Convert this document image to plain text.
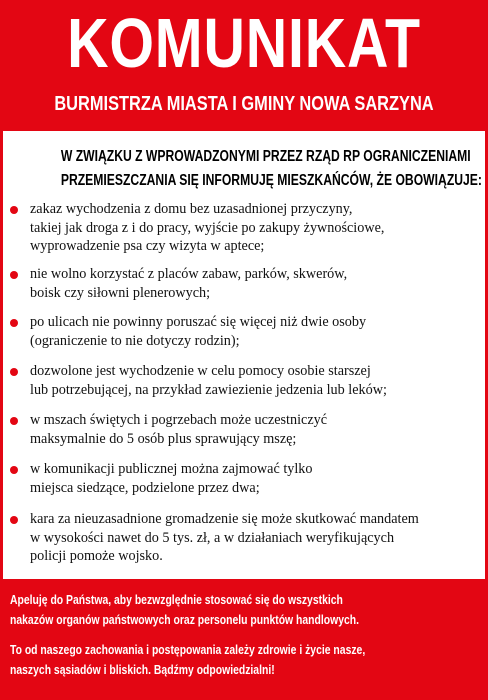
KOMUNIKAT
BURMISTRZA MIASTA I GMINY NOWA SARZYNA
W ZWIĄZKU Z WPROWADZONYMI PRZEZ RZĄD RP OGRANICZENIAMI
PRZEMIESZCZANIA SIĘ INFORMUJĘ MIESZKAŃCÓW, ŻE OBOWIĄZUJE:

zakaz wychodzenia z domu bez uzasadnionej przyczyny,
takiej jak droga z i do pracy, wyjście po zakupy żywnościowe,
wyprowadzenie psa czy wizyta w aptece;

nie wolno korzystać z placów zabaw, parków, skwerów,
boisk czy siłowni plenerowych;

po ulicach nie powinny poruszać się więcej niż dwie osoby
(ograniczenie to nie dotyczy rodzin);

dozwolone jest wychodzenie w celu pomocy osobie starszej
lub potrzebującej, na przykład zawiezienie jedzenia lub leków;

w mszach świętych i pogrzebach może uczestniczyć
maksymalnie do 5 osób plus sprawujący mszę;

w komunikacji publicznej można zajmować tylko
miejsca siedzące, podzielone przez dwa;

kara za nieuzasadnione gromadzenie się może skutkować mandatem
w wysokości nawet do 5 tys. zł, a w działaniach weryfikujących
policji pomoże wojsko.

Apeluję do Państwa, aby bezwzględnie stosować się do wszystkich
nakazów organów państwowych oraz personelu punktów handlowych.
To od naszego zachowania i postępowania zależy zdrowie i życie nasze,
naszych sąsiadów i bliskich. Bądźmy odpowiedzialni!
